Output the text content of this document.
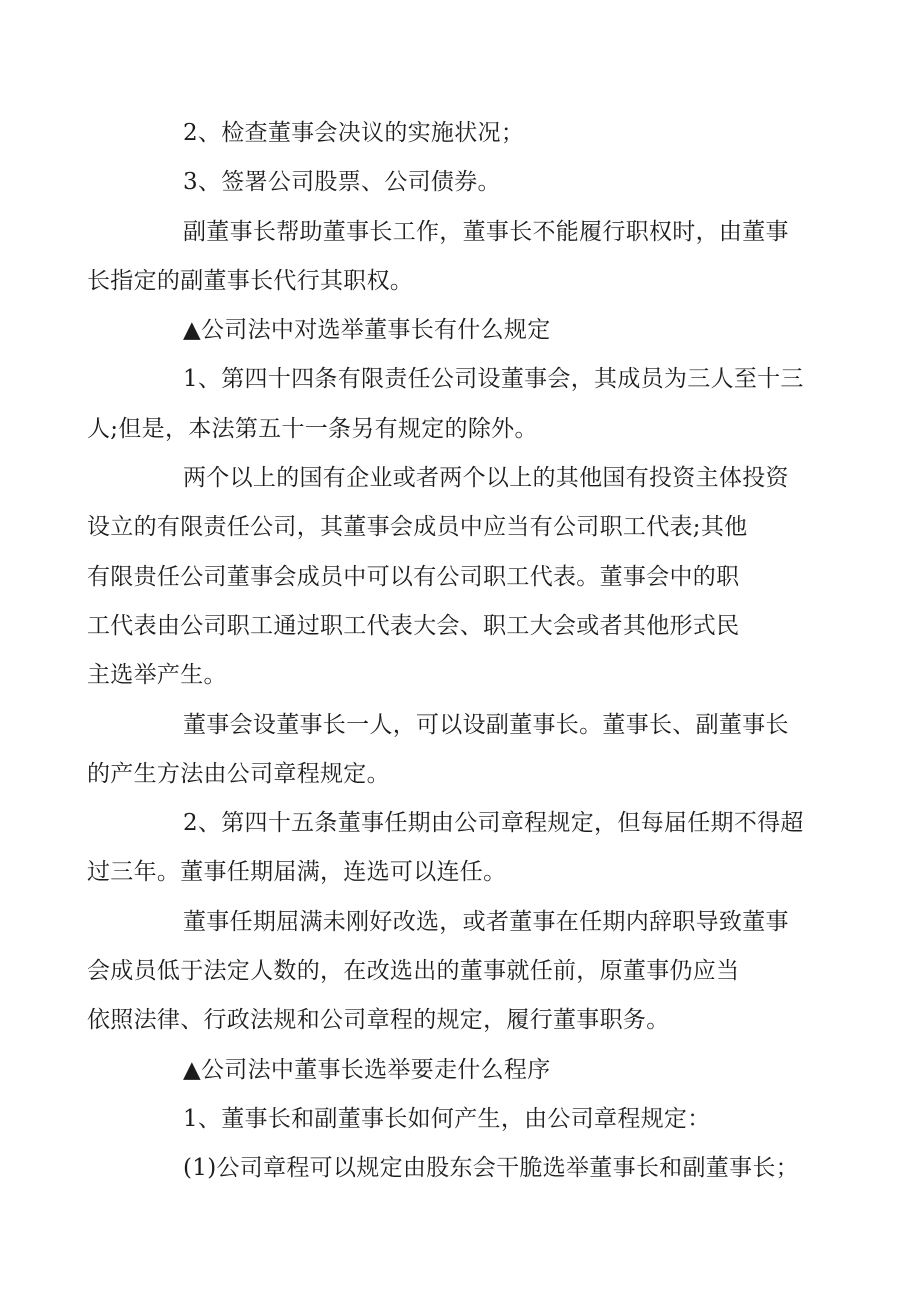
2、检查董事会决议的实施状况；

3、签署公司股票、公司债券。

副董事长帮助董事长工作，董事长不能履行职权时，由董事
长指定的副董事长代行其职权。

▲公司法中对选举董事长有什么规定

1、第四十四条有限责任公司设董事会，其成员为三人至十三
人;但是，本法第五十一条另有规定的除外。

两个以上的国有企业或者两个以上的其他国有投资主体投资
设立的有限责任公司，其董事会成员中应当有公司职工代表;其他
有限贵任公司董事会成员中可以有公司职工代表。董事会中的职
工代表由公司职工通过职工代表大会、职工大会或者其他形式民
主选举产生。

董事会设董事长一人，可以设副董事长。董事长、副董事长
的产生方法由公司章程规定。

2、第四十五条董事任期由公司章程规定，但每届任期不得超
过三年。董事任期届满，连选可以连任。

董事任期屈满未刚好改选，或者董事在任期内辞职导致董事
会成员低于法定人数的，在改选出的董事就任前，原董事仍应当
依照法律、行政法规和公司章程的规定，履行董事职务。

▲公司法中董事长选举要走什么程序

1、董事长和副董事长如何产生，由公司章程规定：

(1)公司章程可以规定由股东会干脆选举董事长和副董事长；
